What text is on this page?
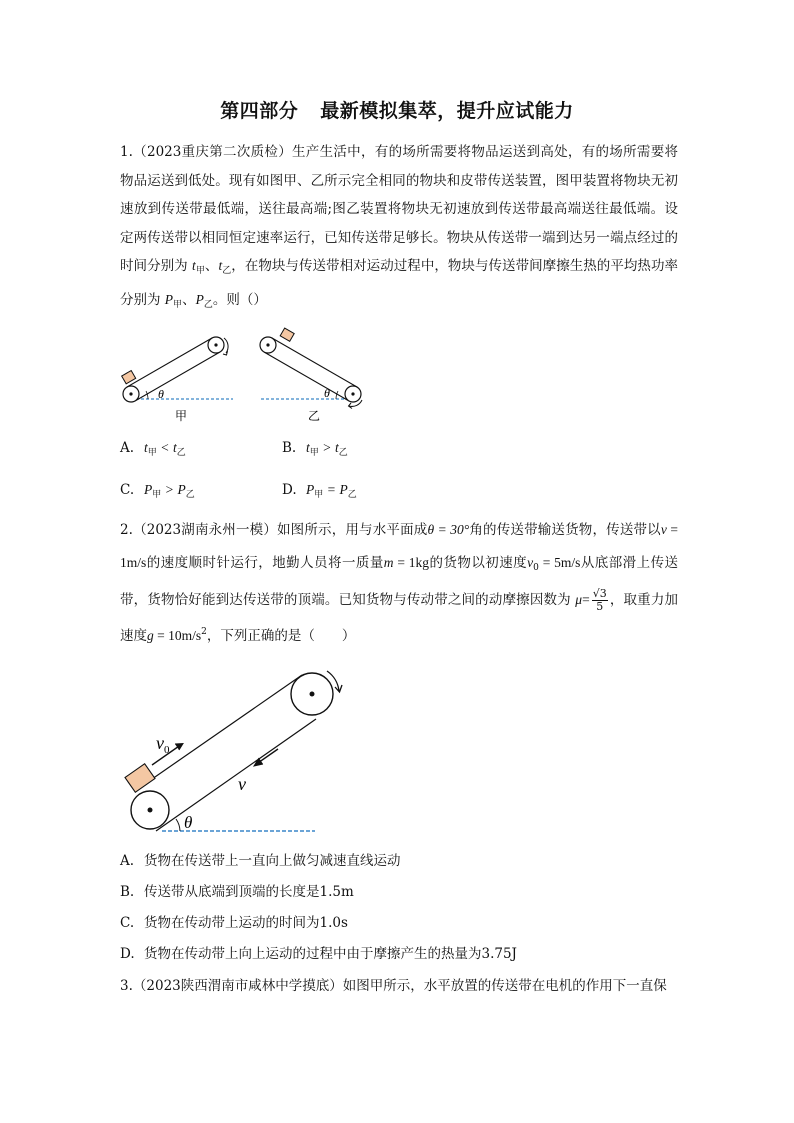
第四部分 最新模拟集萃，提升应试能力

1.（2023重庆第二次质检）生产生活中，有的场所需要将物品运送到高处，有的场所需要将物品运送到低处。现有如图甲、乙所示完全相同的物块和皮带传送装置，图甲装置将物块无初速放到传送带最低端，送往最高端;图乙装置将物块无初速放到传送带最高端送往最低端。设定两传送带以相同恒定速率运行，已知传送带足够长。物块从传送带一端到达另一端点经过的时间分别为 $t_甲$、$t_乙$，在物块与传送带相对运动过程中，物块与传送带间摩擦生热的平均热功率分别为 $P_甲$、$P_乙$。则（）

θ
甲
θ
乙
A. $t_甲 < t_乙$	B. $t_甲 > t_乙$
C. $P_甲 > P_乙$	D. $P_甲 = P_乙$

2.（2023湖南永州一模）如图所示，用与水平面成θ = 30°角的传送带输送货物，传送带以v = 1m/s的速度顺时针运行，地勤人员将一质量m = 1kg的货物以初速度$v_0 = 5m/s$从底部滑上传送带，货物恰好能到达传送带的顶端。已知货物与传动带之间的动摩擦因数为 $\mu= \frac{√3}{5}$ ，取重力加速度$g = 10m/s^2$，下列正确的是（　　）

$v_0$
v
θ
A. 货物在传送带上一直向上做匀减速直线运动
B. 传送带从底端到顶端的长度是1.5m
C. 货物在传动带上运动的时间为1.0s
D. 货物在传动带上向上运动的过程中由于摩擦产生的热量为3.75J
3.（2023陕西渭南市咸林中学摸底）如图甲所示，水平放置的传送带在电机的作用下一直保
